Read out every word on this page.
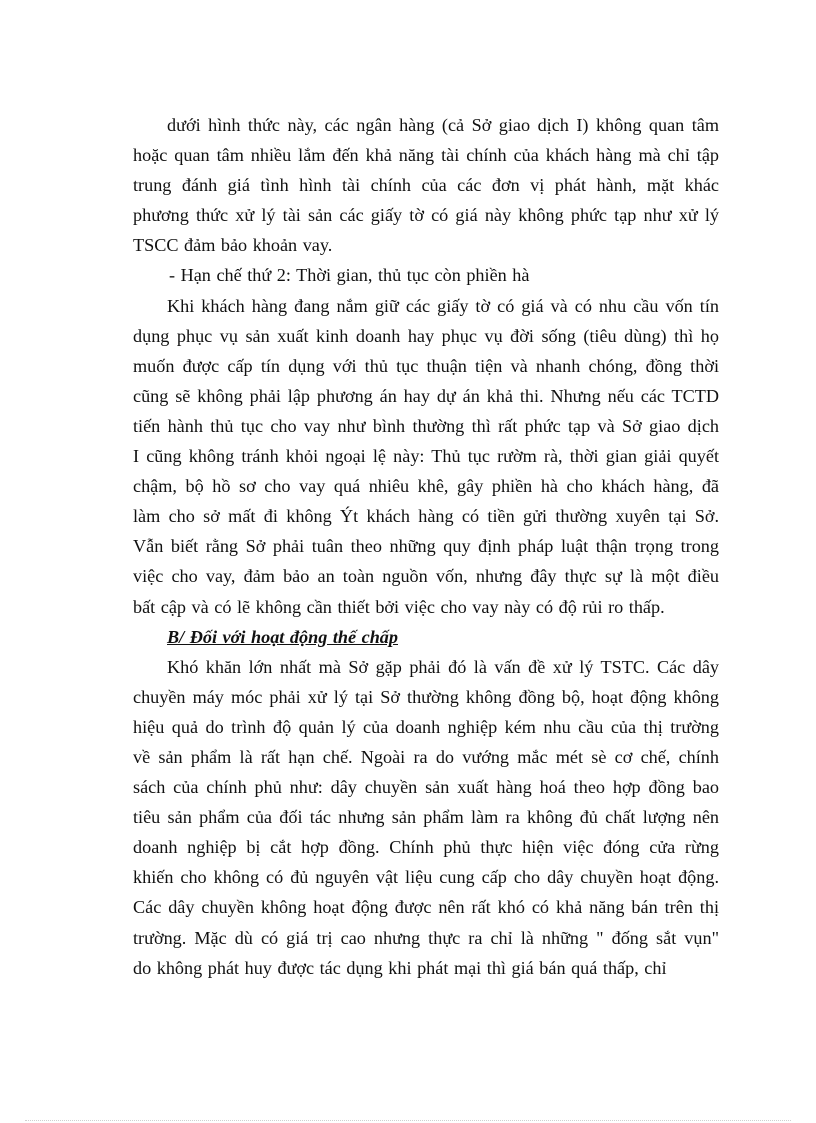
dưới hình thức này, các ngân hàng (cả Sở giao dịch I) không quan tâm
hoặc quan tâm nhiều lắm đến khả năng tài chính của khách hàng mà chỉ tập
trung đánh giá tình hình tài chính của các đơn vị phát hành, mặt khác
phương thức xử lý tài sản các giấy tờ có giá này không phức tạp như xử lý
TSCC đảm bảo khoản vay.
- Hạn chế thứ 2: Thời gian, thủ tục còn phiền hà
Khi khách hàng đang nắm giữ các giấy tờ có giá và có nhu cầu vốn tín
dụng phục vụ sản xuất kinh doanh hay phục vụ đời sống (tiêu dùng) thì họ
muốn được cấp tín dụng với thủ tục thuận tiện và nhanh chóng, đồng thời
cũng sẽ không phải lập phương án hay dự án khả thi. Nhưng nếu các TCTD
tiến hành thủ tục cho vay như bình thường thì rất phức tạp và Sở giao dịch
I cũng không tránh khỏi ngoại lệ này: Thủ tục rườm rà, thời gian giải quyết
chậm, bộ hồ sơ cho vay quá nhiêu khê, gây phiền hà cho khách hàng, đã
làm cho sở mất đi không Ýt khách hàng có tiền gửi thường xuyên tại Sở.
Vẫn biết rằng Sở phải tuân theo những quy định pháp luật thận trọng trong
việc cho vay, đảm bảo an toàn nguồn vốn, nhưng đây thực sự là một điều
bất cập và có lẽ không cần thiết bởi việc cho vay này có độ rủi ro thấp.
B/ Đối với hoạt động thế chấp
Khó khăn lớn nhất mà Sở gặp phải đó là vấn đề xử lý TSTC. Các dây
chuyền máy móc phải xử lý tại Sở thường không đồng bộ, hoạt động không
hiệu quả do trình độ quản lý của doanh nghiệp kém nhu cầu của thị trường
về sản phẩm là rất hạn chế. Ngoài ra do vướng mắc mét sè cơ chế, chính
sách của chính phủ như: dây chuyền sản xuất hàng hoá theo hợp đồng bao
tiêu sản phẩm của đối tác nhưng sản phẩm làm ra không đủ chất lượng nên
doanh nghiệp bị cắt hợp đồng. Chính phủ thực hiện việc đóng cửa rừng
khiến cho không có đủ nguyên vật liệu cung cấp cho dây chuyền hoạt động.
Các dây chuyền không hoạt động được nên rất khó có khả năng bán trên thị
trường. Mặc dù có giá trị cao nhưng thực ra chỉ là những " đống sắt vụn"
do không phát huy được tác dụng khi phát mại thì giá bán quá thấp, chỉ
